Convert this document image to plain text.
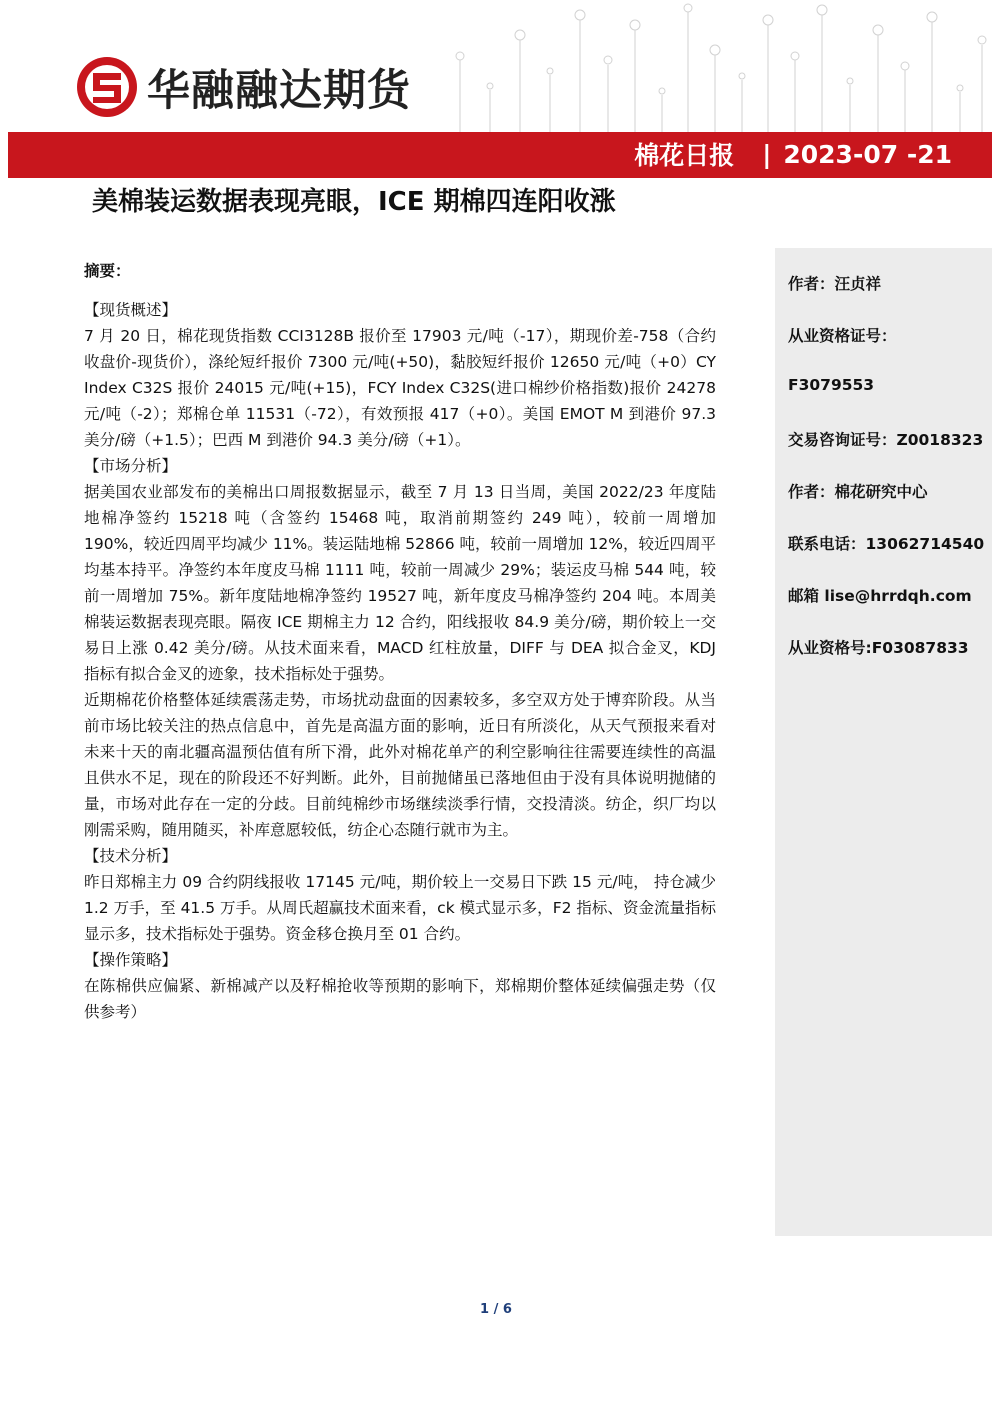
华融融达期货
棉花日报 | 2023-07 -21
美棉装运数据表现亮眼，ICE 期棉四连阳收涨
摘要：

【现货概述】

7 月 20 日，棉花现货指数 CCI3128B 报价至 17903 元/吨（-17），期现价差-758（合约收盘价-现货价），涤纶短纤报价 7300 元/吨(+50)，黏胶短纤报价 12650 元/吨（+0）CY Index C32S 报价 24015 元/吨(+15)，FCY Index C32S(进口棉纱价格指数)报价 24278 元/吨（-2）；郑棉仓单 11531（-72），有效预报 417（+0）。美国 EMOT M 到港价 97.3 美分/磅（+1.5）；巴西 M 到港价 94.3 美分/磅（+1）。

【市场分析】

据美国农业部发布的美棉出口周报数据显示，截至 7 月 13 日当周，美国 2022/23 年度陆地棉净签约 15218 吨（含签约 15468 吨，取消前期签约 249 吨），较前一周增加 190%，较近四周平均减少 11%。装运陆地棉 52866 吨，较前一周增加 12%，较近四周平均基本持平。净签约本年度皮马棉 1111 吨，较前一周减少 29%；装运皮马棉 544 吨，较前一周增加 75%。新年度陆地棉净签约 19527 吨，新年度皮马棉净签约 204 吨。本周美棉装运数据表现亮眼。隔夜 ICE 期棉主力 12 合约，阳线报收 84.9 美分/磅，期价较上一交易日上涨 0.42 美分/磅。从技术面来看，MACD 红柱放量，DIFF 与 DEA 拟合金叉，KDJ 指标有拟合金叉的迹象，技术指标处于强势。

近期棉花价格整体延续震荡走势，市场扰动盘面的因素较多，多空双方处于博弈阶段。从当前市场比较关注的热点信息中，首先是高温方面的影响，近日有所淡化，从天气预报来看对未来十天的南北疆高温预估值有所下滑，此外对棉花单产的利空影响往往需要连续性的高温且供水不足，现在的阶段还不好判断。此外，目前抛储虽已落地但由于没有具体说明抛储的量，市场对此存在一定的分歧。目前纯棉纱市场继续淡季行情，交投清淡。纺企，织厂均以刚需采购，随用随买，补库意愿较低，纺企心态随行就市为主。

【技术分析】

昨日郑棉主力 09 合约阴线报收 17145 元/吨，期价较上一交易日下跌 15 元/吨， 持仓减少 1.2 万手，至 41.5 万手。从周氏超赢技术面来看，ck 模式显示多，F2 指标、资金流量指标显示多，技术指标处于强势。资金移仓换月至 01 合约。

【操作策略】

在陈棉供应偏紧、新棉减产以及籽棉抢收等预期的影响下，郑棉期价整体延续偏强走势（仅供参考）

作者：汪贞祥
从业资格证号：
F3079553
交易咨询证号：Z0018323
作者：棉花研究中心
联系电话：13062714540
邮箱 lise@hrrdqh.com
从业资格号:F03087833
1 / 6
